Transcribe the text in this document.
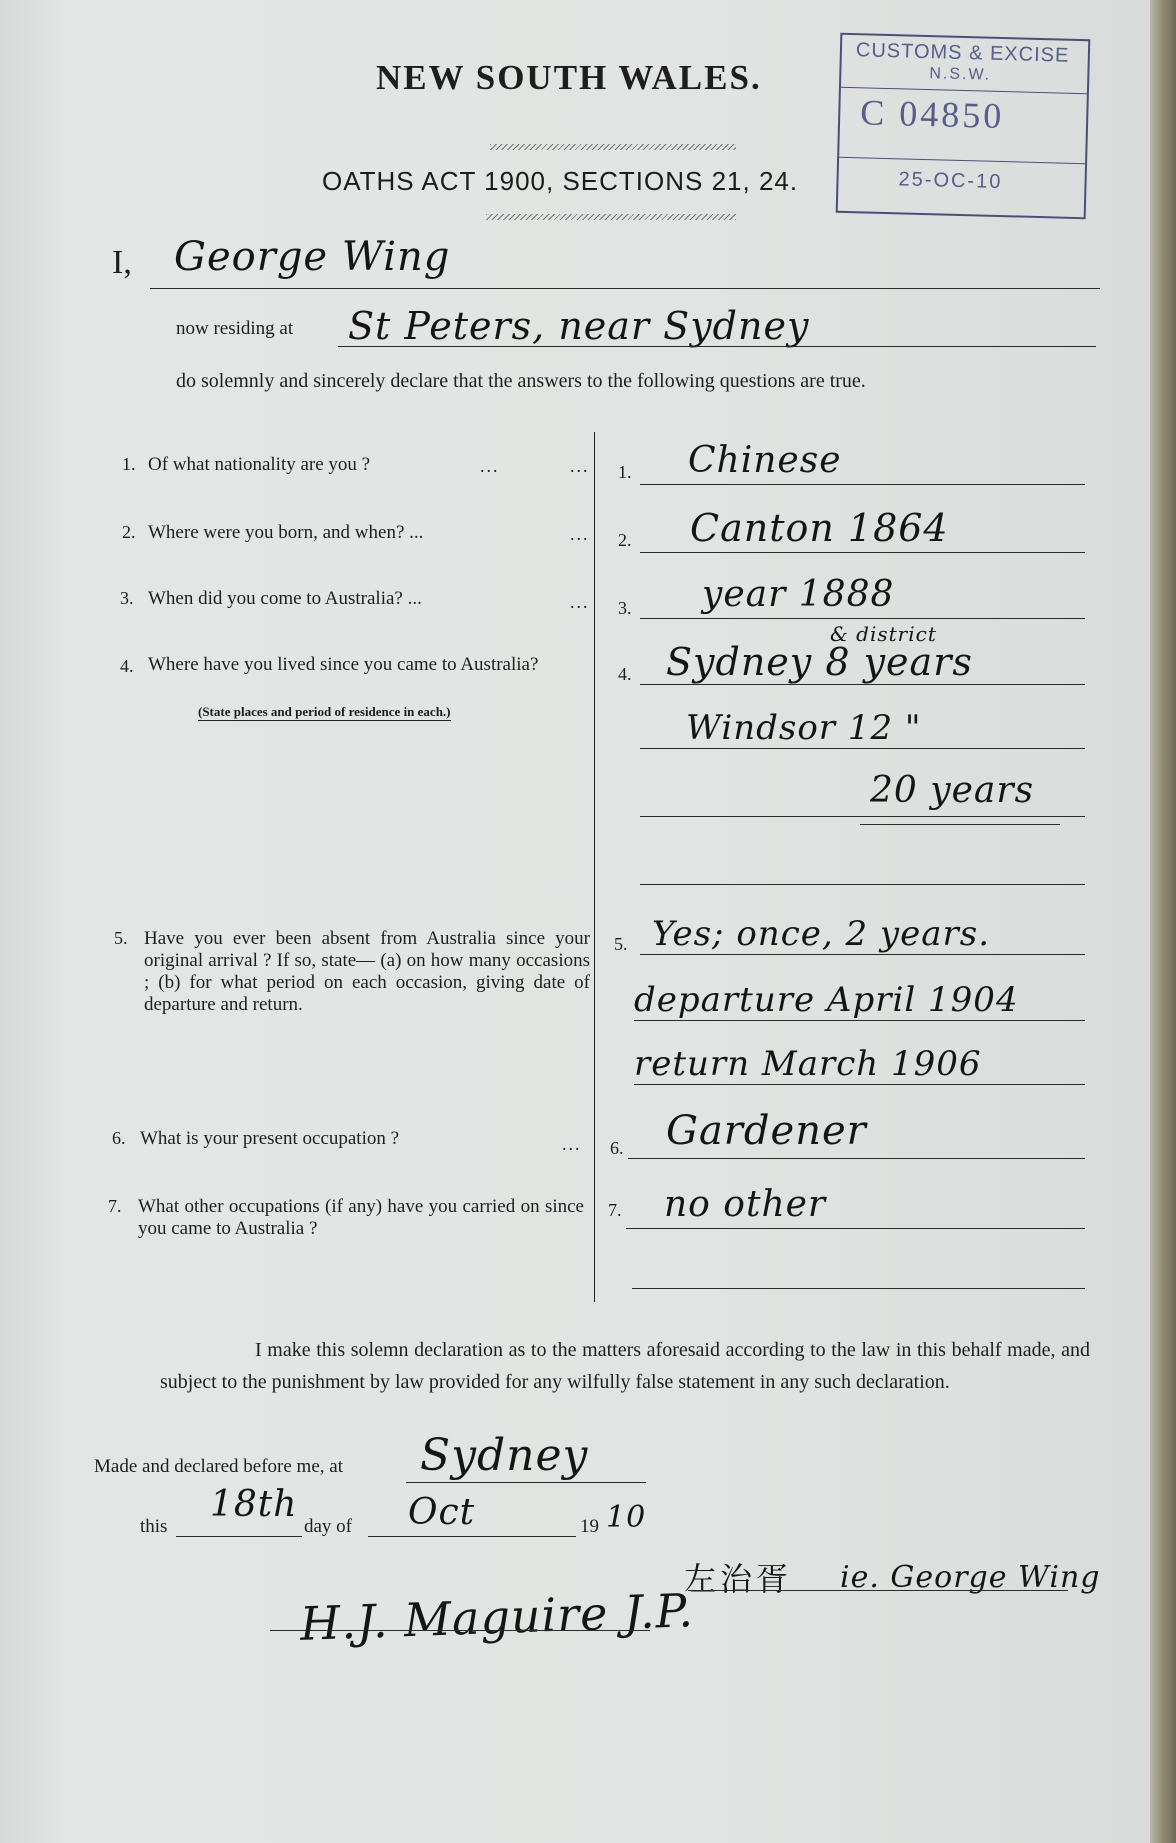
NEW SOUTH WALES.
OATHS ACT 1900, SECTIONS 21, 24.
CUSTOMS & EXCISE
N.S.W.
C 04850
25-OC-10
I, George Wing
now residing at St Peters, near Sydney
do solemnly and sincerely declare that the answers to the following questions are true.
1. Of what nationality are you ?	...	... 1. Chinese
2. Where were you born, and when? ...	... 2. Canton 1864
3. When did you come to Australia? ...	... 3. year 1888
4. Where have you lived since you came to Australia?
(State places and period of residence in each.)
4.
& district
Sydney 8 years
Windsor 12 "
20 years
5. Have you ever been absent from Australia since your original arrival ? If so, state— (a) on how many occasions ; (b) for what period on each occasion, giving date of departure and return.
5. Yes; once, 2 years.
departure April 1904
return March 1906
6. What is your present occupation ?	... 6. Gardener
7. What other occupations (if any) have you carried on since you came to Australia ?
7. no other
I make this solemn declaration as to the matters aforesaid according to the law in this behalf made, and subject to the punishment by law provided for any wilfully false statement in any such declaration.
Made and declared before me, at Sydney
this
18th
day of Oct	19 10
左治胥 ie. George Wing
H.J. Maguire J.P.
